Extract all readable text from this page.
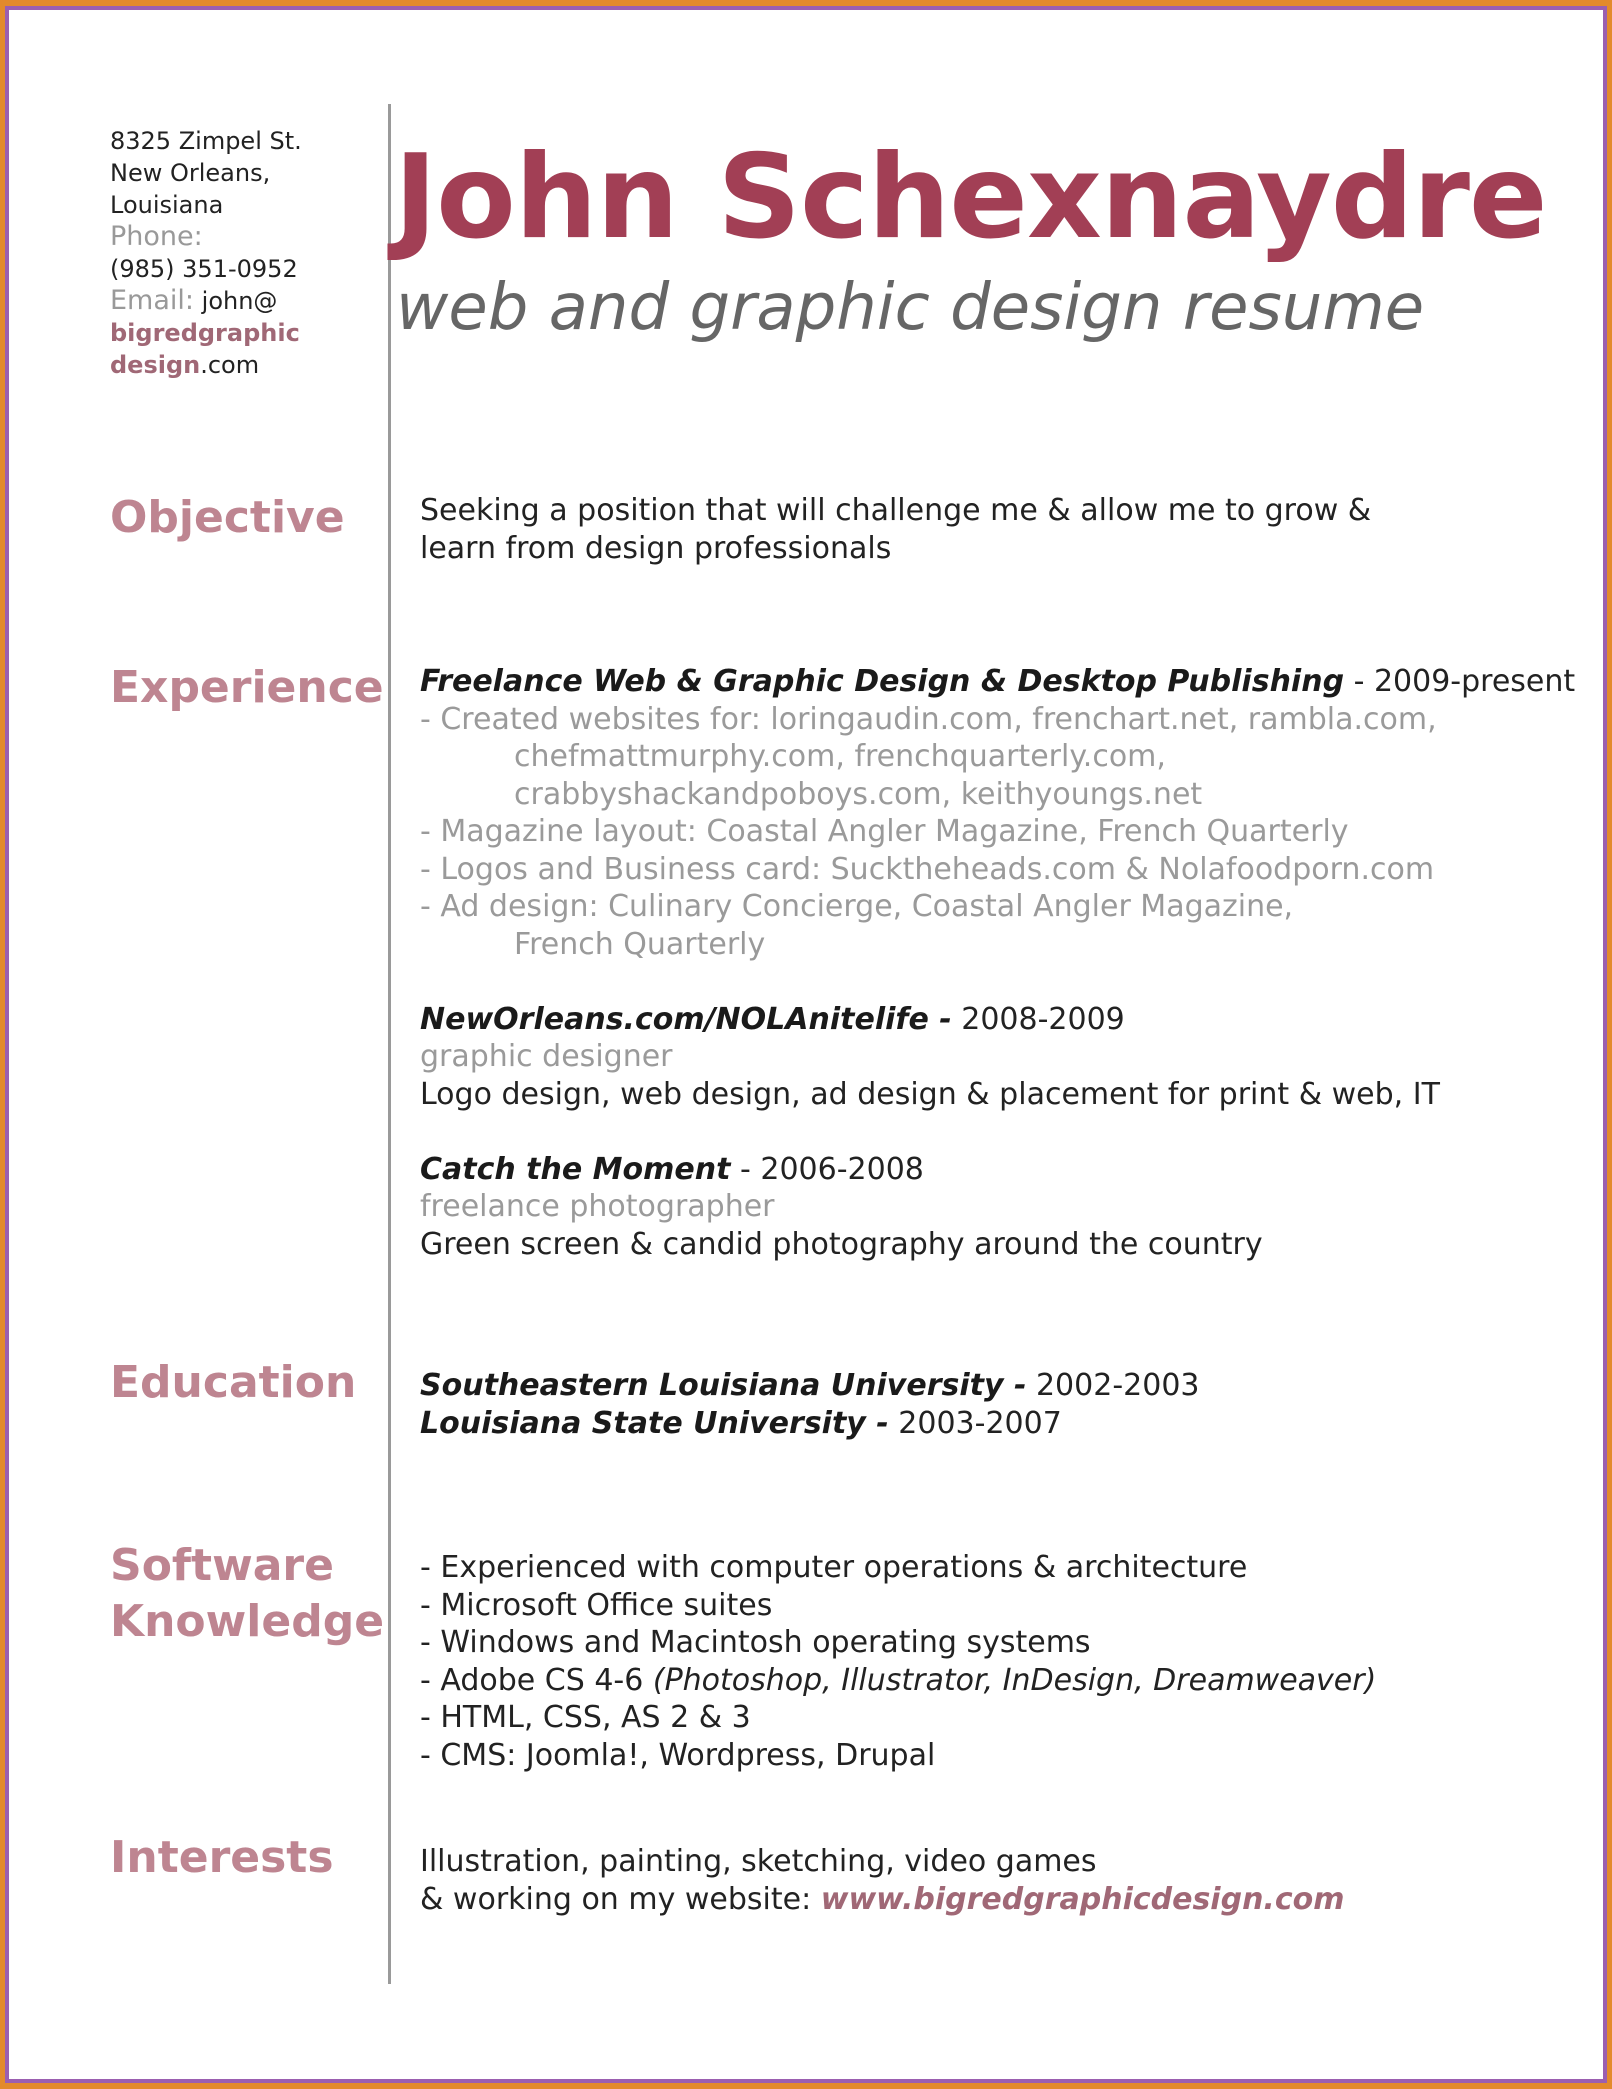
8325 Zimpel St.
New Orleans,
Louisiana
Phone:
(985) 351-0952
Email: john@
bigredgraphic
design.com
John Schexnaydre
web and graphic design resume
Objective	Seeking a position that will challenge me & allow me to grow &
learn from design professionals
Experience Freelance Web & Graphic Design & Desktop Publishing - 2009-present
- Created websites for: loringaudin.com, frenchart.net, rambla.com,
chefmattmurphy.com, frenchquarterly.com,
crabbyshackandpoboys.com, keithyoungs.net
- Magazine layout: Coastal Angler Magazine, French Quarterly
- Logos and Business card: Sucktheheads.com & Nolafoodporn.com
- Ad design: Culinary Concierge, Coastal Angler Magazine,
French Quarterly
NewOrleans.com/NOLAnitelife - 2008-2009
graphic designer
Logo design, web design, ad design & placement for print & web, IT
Catch the Moment - 2006-2008
freelance photographer
Green screen & candid photography around the country
Education	Southeastern Louisiana University - 2002-2003
Louisiana State University - 2003-2007
Software
Knowledge
- Experienced with computer operations & architecture
- Microsoft Office suites
- Windows and Macintosh operating systems
- Adobe CS 4-6 (Photoshop, Illustrator, InDesign, Dreamweaver)
- HTML, CSS, AS 2 & 3
- CMS: Joomla!, Wordpress, Drupal
Interests	Illustration, painting, sketching, video games
& working on my website: www.bigredgraphicdesign.com
